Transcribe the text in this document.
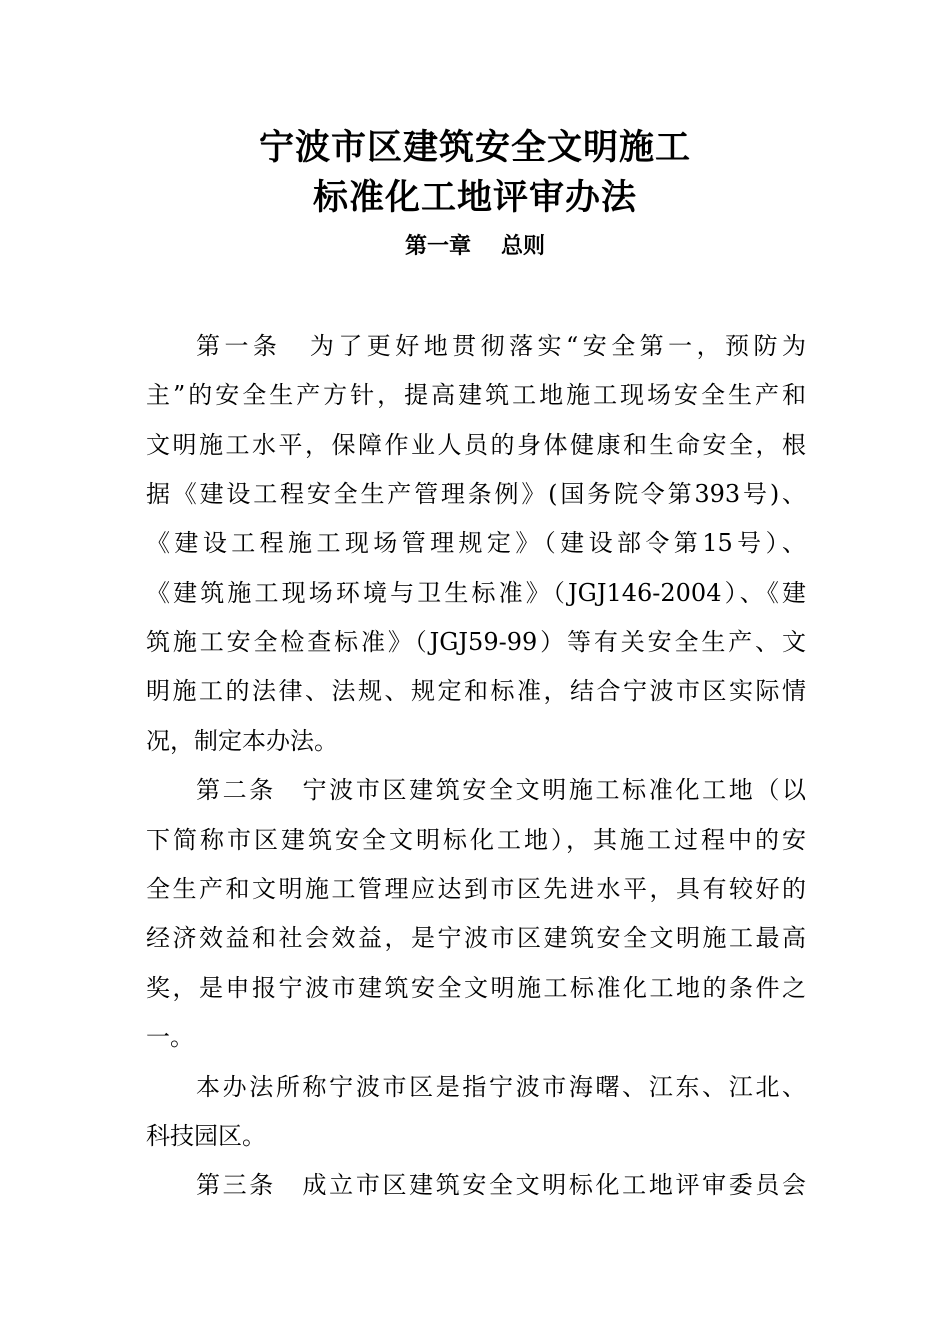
宁波市区建筑安全文明施工
标准化工地评审办法
第一章 总则

第一条　为了更好地贯彻落实“安全第一，预防为

主”的安全生产方针，提高建筑工地施工现场安全生产和

文明施工水平，保障作业人员的身体健康和生命安全，根

据《建设工程安全生产管理条例》(国务院令第393号)、

《建设工程施工现场管理规定》（建设部令第15号）、

《建筑施工现场环境与卫生标准》（JGJ146-2004）、《建

筑施工安全检查标准》（JGJ59-99）等有关安全生产、文

明施工的法律、法规、规定和标准，结合宁波市区实际情

况，制定本办法。

第二条　宁波市区建筑安全文明施工标准化工地（以

下简称市区建筑安全文明标化工地），其施工过程中的安

全生产和文明施工管理应达到市区先进水平，具有较好的

经济效益和社会效益，是宁波市区建筑安全文明施工最高

奖，是申报宁波市建筑安全文明施工标准化工地的条件之

一。

本办法所称宁波市区是指宁波市海曙、江东、江北、

科技园区。

第三条　成立市区建筑安全文明标化工地评审委员会
